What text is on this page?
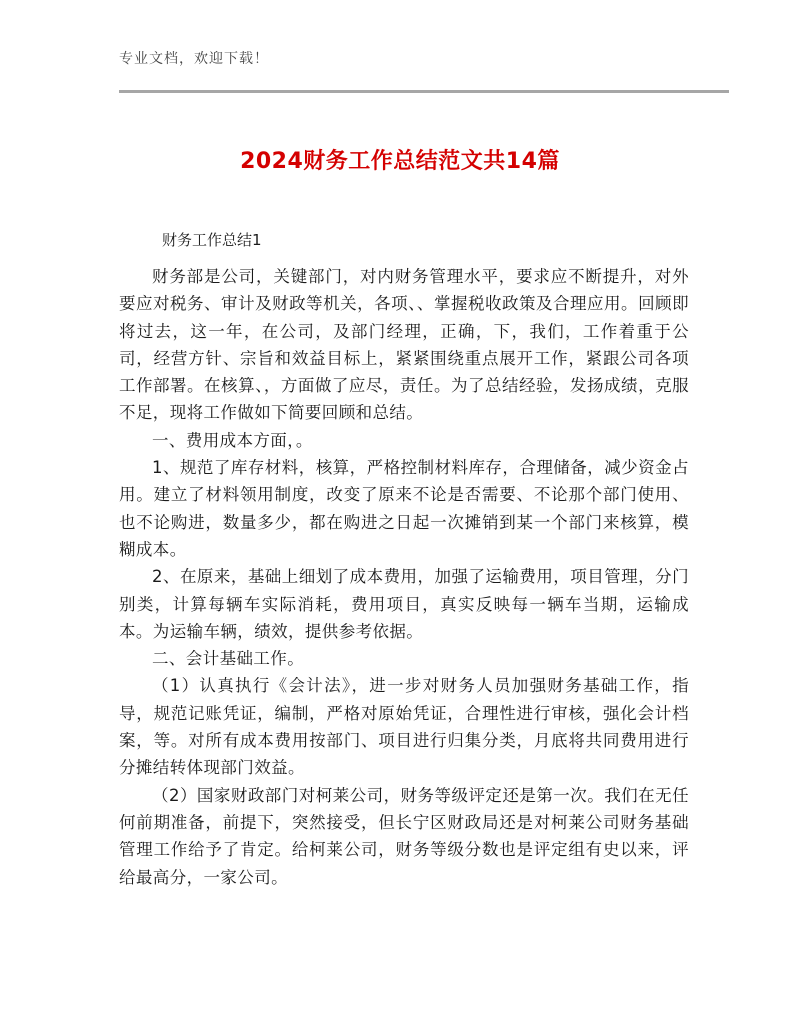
专业文档，欢迎下载！
2024财务工作总结范文共14篇
财务工作总结1

财务部是公司，关键部门，对内财务管理水平，要求应不断提升，对外要应对税务、审计及财政等机关，各项、、掌握税收政策及合理应用。回顾即将过去，这一年，在公司，及部门经理，正确，下，我们，工作着重于公司，经营方针、宗旨和效益目标上，紧紧围绕重点展开工作，紧跟公司各项工作部署。在核算、，方面做了应尽，责任。为了总结经验，发扬成绩，克服不足，现将工作做如下简要回顾和总结。

一、费用成本方面，。

1、规范了库存材料，核算，严格控制材料库存，合理储备，减少资金占用。建立了材料领用制度，改变了原来不论是否需要、不论那个部门使用、也不论购进，数量多少，都在购进之日起一次摊销到某一个部门来核算，模糊成本。

2、在原来，基础上细划了成本费用，加强了运输费用，项目管理，分门别类，计算每辆车实际消耗，费用项目，真实反映每一辆车当期，运输成本。为运输车辆，绩效，提供参考依据。

二、会计基础工作。

（1）认真执行《会计法》，进一步对财务人员加强财务基础工作，指导，规范记账凭证，编制，严格对原始凭证，合理性进行审核，强化会计档案，等。对所有成本费用按部门、项目进行归集分类，月底将共同费用进行分摊结转体现部门效益。

（2）国家财政部门对柯莱公司，财务等级评定还是第一次。我们在无任何前期准备，前提下，突然接受，但长宁区财政局还是对柯莱公司财务基础管理工作给予了肯定。给柯莱公司，财务等级分数也是评定组有史以来，评给最高分，一家公司。
